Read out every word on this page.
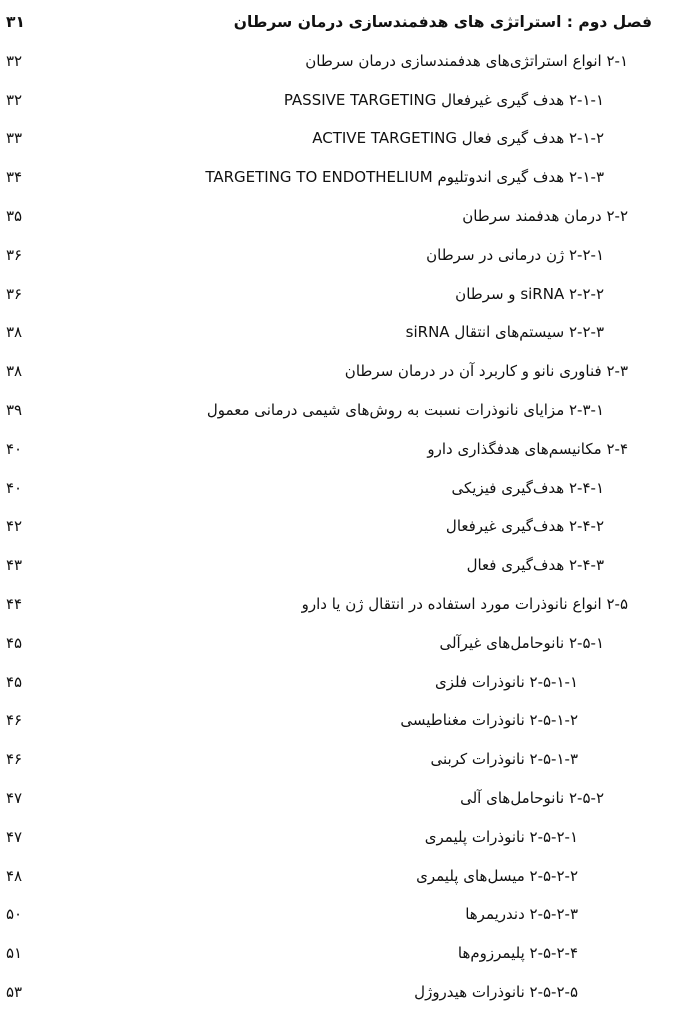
۳۱	فصل دوم : استراتژی های هدفمندسازی درمان سرطان
۳۲	۲-۱ انواع استراتژی‌های هدفمندسازی درمان سرطان
۳۲	۲-۱-۱ هدف گیری غیرفعال PASSIVE TARGETING
۳۳	۲-۱-۲ هدف گیری فعال ACTIVE TARGETING
۳۴	۲-۱-۳ هدف گیری اندوتلیوم TARGETING TO ENDOTHELIUM
۳۵	۲-۲ درمان هدفمند سرطان
۳۶	۲-۲-۱ ژن درمانی در سرطان
۳۶	۲-۲-۲ siRNA و سرطان
۳۸	۲-۲-۳ سیستم‌های انتقال siRNA
۳۸	۲-۳ فناوری نانو و کاربرد آن در درمان سرطان
۳۹	۲-۳-۱ مزایای نانوذرات نسبت به روش‌های شیمی درمانی معمول
۴۰	۲-۴ مکانیسم‌های هدفگذاری دارو
۴۰	۲-۴-۱ هدف‌گیری فیزیکی
۴۲	۲-۴-۲ هدف‌گیری غیرفعال
۴۳	۲-۴-۳ هدف‌گیری فعال
۴۴	۲-۵ انواع نانوذرات مورد استفاده در انتقال ژن یا دارو
۴۵	۲-۵-۱ نانوحامل‌های غیرآلی
۴۵	۲-۵-۱-۱ نانوذرات فلزی
۴۶	۲-۵-۱-۲ نانوذرات مغناطیسی
۴۶	۲-۵-۱-۳ نانوذرات کربنی
۴۷	۲-۵-۲ نانوحامل‌های آلی
۴۷	۲-۵-۲-۱ نانوذرات پلیمری
۴۸	۲-۵-۲-۲ میسل‌های پلیمری
۵۰	۲-۵-۲-۳ دندریمرها
۵۱	۲-۵-۲-۴ پلیمرزوم‌ها
۵۳	۲-۵-۲-۵ نانوذرات هیدروژل
